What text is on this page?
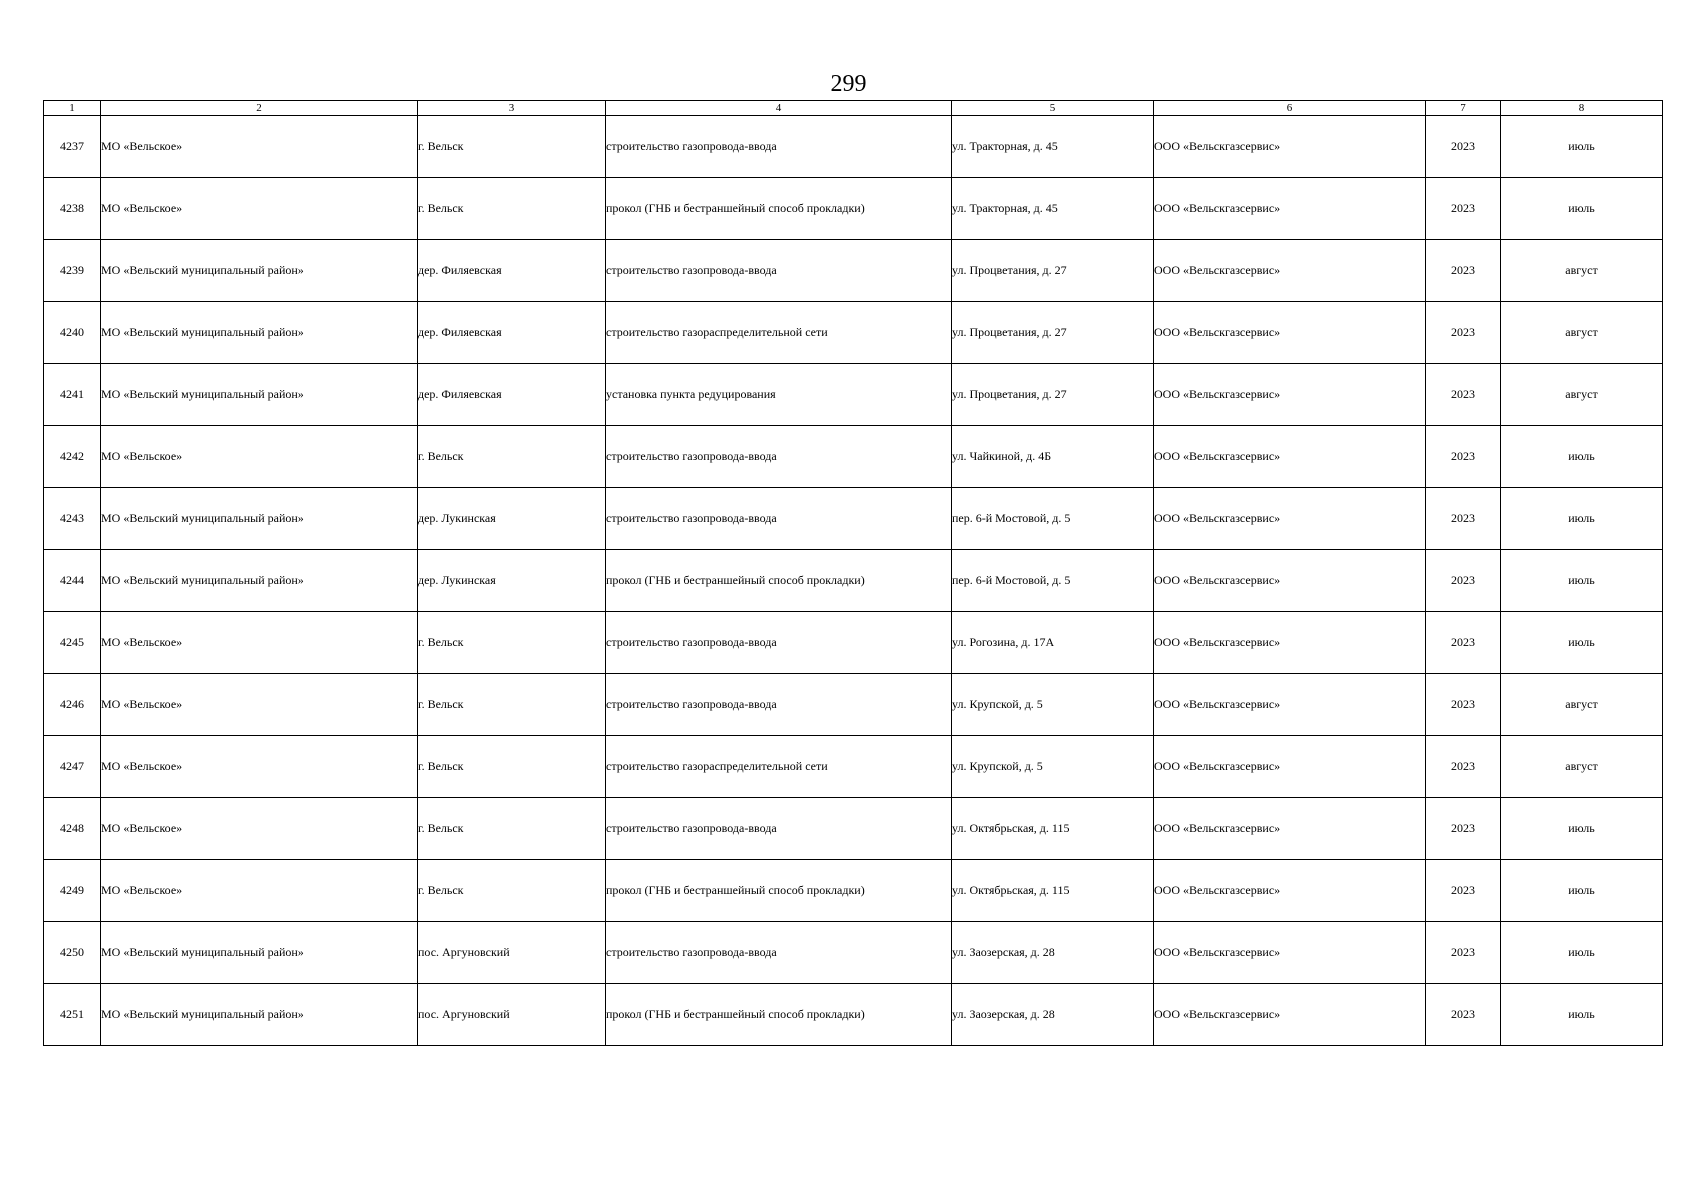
299
1	2	3	4	5	6	7	8
4237	МО «Вельское»	г. Вельск	строительство газопровода-ввода	ул. Тракторная, д. 45	ООО «Вельскгазсервис»	2023	июль
4238	МО «Вельское»	г. Вельск	прокол (ГНБ и бестраншейный способ прокладки)	ул. Тракторная, д. 45	ООО «Вельскгазсервис»	2023	июль
4239	МО «Вельский муниципальный район»	дер. Филяевская	строительство газопровода-ввода	ул. Процветания, д. 27	ООО «Вельскгазсервис»	2023	август
4240	МО «Вельский муниципальный район»	дер. Филяевская	строительство газораспределительной сети	ул. Процветания, д. 27	ООО «Вельскгазсервис»	2023	август
4241	МО «Вельский муниципальный район»	дер. Филяевская	установка пункта редуцирования	ул. Процветания, д. 27	ООО «Вельскгазсервис»	2023	август
4242	МО «Вельское»	г. Вельск	строительство газопровода-ввода	ул. Чайкиной, д. 4Б	ООО «Вельскгазсервис»	2023	июль
4243	МО «Вельский муниципальный район»	дер. Лукинская	строительство газопровода-ввода	пер. 6-й Мостовой, д. 5	ООО «Вельскгазсервис»	2023	июль
4244	МО «Вельский муниципальный район»	дер. Лукинская	прокол (ГНБ и бестраншейный способ прокладки)	пер. 6-й Мостовой, д. 5	ООО «Вельскгазсервис»	2023	июль
4245	МО «Вельское»	г. Вельск	строительство газопровода-ввода	ул. Рогозина, д. 17А	ООО «Вельскгазсервис»	2023	июль
4246	МО «Вельское»	г. Вельск	строительство газопровода-ввода	ул. Крупской, д. 5	ООО «Вельскгазсервис»	2023	август
4247	МО «Вельское»	г. Вельск	строительство газораспределительной сети	ул. Крупской, д. 5	ООО «Вельскгазсервис»	2023	август
4248	МО «Вельское»	г. Вельск	строительство газопровода-ввода	ул. Октябрьская, д. 115	ООО «Вельскгазсервис»	2023	июль
4249	МО «Вельское»	г. Вельск	прокол (ГНБ и бестраншейный способ прокладки)	ул. Октябрьская, д. 115	ООО «Вельскгазсервис»	2023	июль
4250	МО «Вельский муниципальный район»	пос. Аргуновский	строительство газопровода-ввода	ул. Заозерская, д. 28	ООО «Вельскгазсервис»	2023	июль
4251	МО «Вельский муниципальный район»	пос. Аргуновский	прокол (ГНБ и бестраншейный способ прокладки)	ул. Заозерская, д. 28	ООО «Вельскгазсервис»	2023	июль
